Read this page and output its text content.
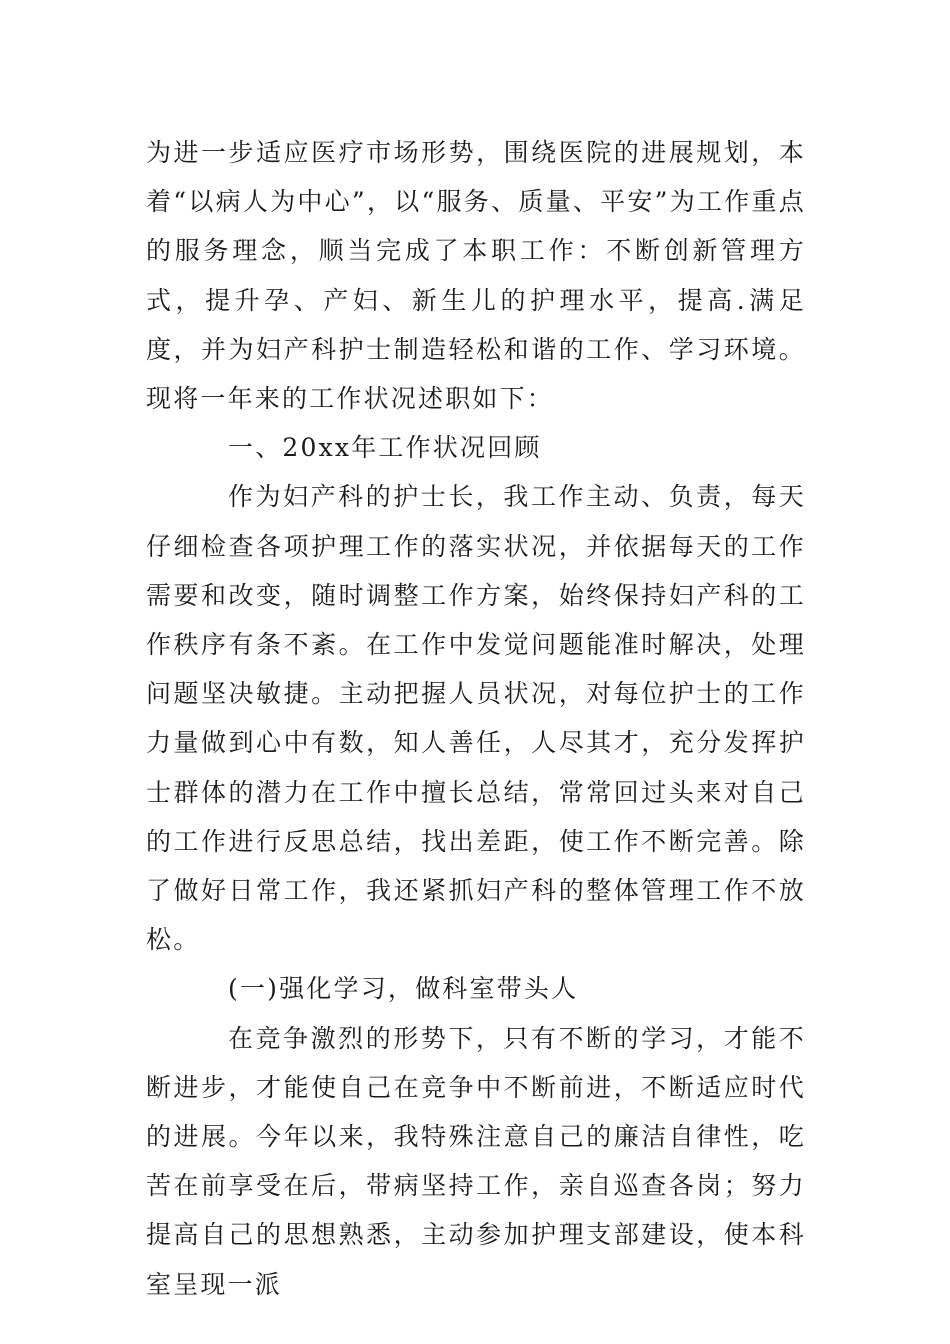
为进一步适应医疗市场形势，围绕医院的进展规划，本着“以病人为中心”，以“服务、质量、平安”为工作重点的服务理念，顺当完成了本职工作：不断创新管理方式，提升孕、产妇、新生儿的护理水平，提高.满足度，并为妇产科护士制造轻松和谐的工作、学习环境。现将一年来的工作状况述职如下：

一、20xx年工作状况回顾

作为妇产科的护士长，我工作主动、负责，每天仔细检查各项护理工作的落实状况，并依据每天的工作需要和改变，随时调整工作方案，始终保持妇产科的工作秩序有条不紊。在工作中发觉问题能准时解决，处理问题坚决敏捷。主动把握人员状况，对每位护士的工作力量做到心中有数，知人善任，人尽其才，充分发挥护士群体的潜力在工作中擅长总结，常常回过头来对自己的工作进行反思总结，找出差距，使工作不断完善。除了做好日常工作，我还紧抓妇产科的整体管理工作不放松。

(一)强化学习，做科室带头人

在竞争激烈的形势下，只有不断的学习，才能不断进步，才能使自己在竞争中不断前进，不断适应时代的进展。今年以来，我特殊注意自己的廉洁自律性，吃苦在前享受在后，带病坚持工作，亲自巡查各岗；努力提高自己的思想熟悉，主动参加护理支部建设，使本科室呈现一派
